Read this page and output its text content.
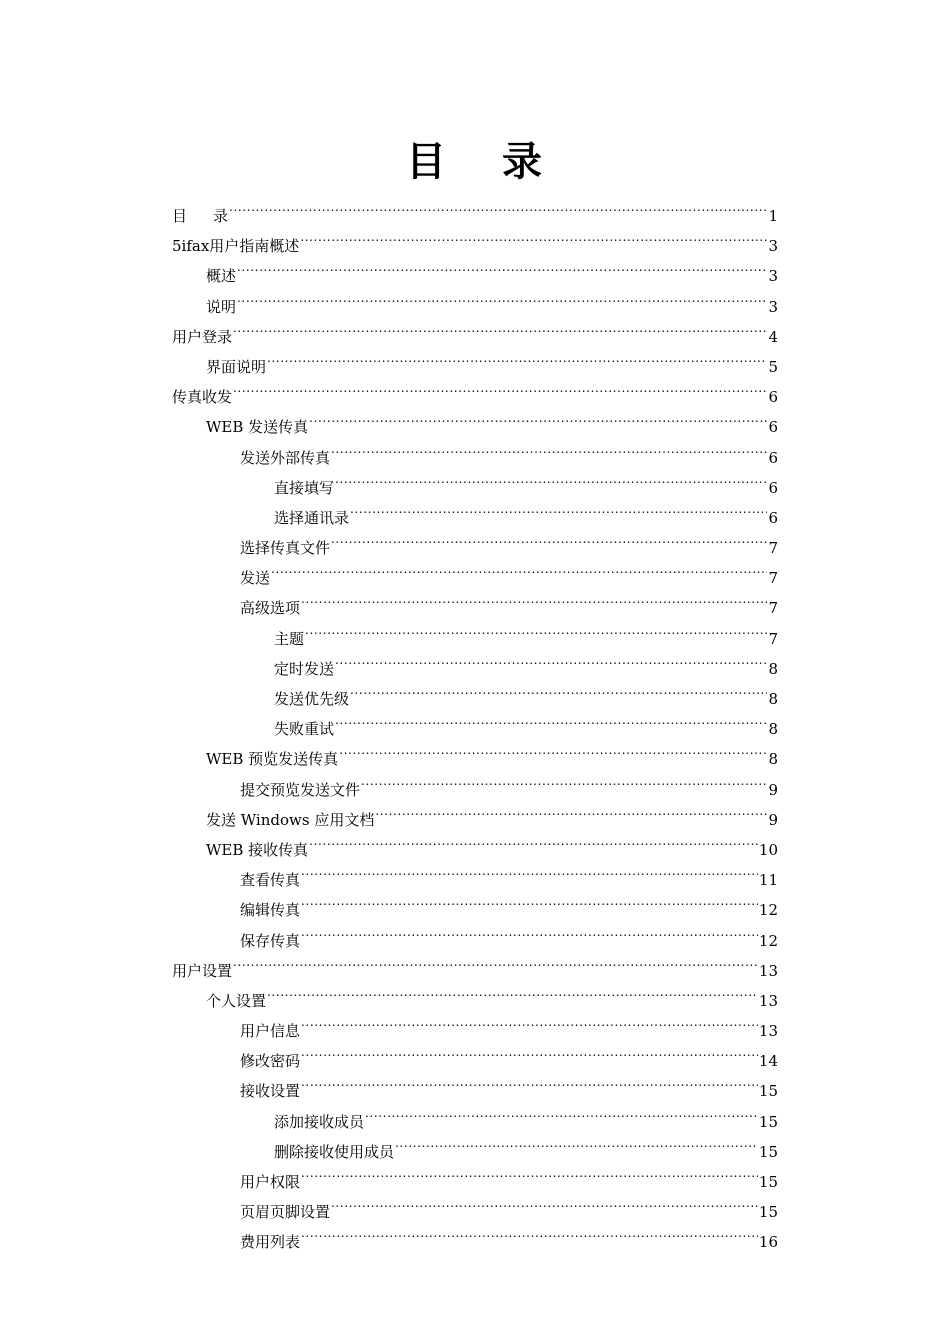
目 录
目 录 .....	1
5ifax用户指南概述 .....	3
概述 .....	3
说明 .....	3
用户登录 .....	4
界面说明 .....	5
传真收发 .....	6
WEB 发送传真 .....	6
发送外部传真 .....	6
直接填写 .....	6
选择通讯录 .....	6
选择传真文件 .....	7
发送 .....	7
高级选项 .....	7
主题 .....	7
定时发送 .....	8
发送优先级 .....	8
失败重试 .....	8
WEB 预览发送传真 .....	8
提交预览发送文件 .....	9
发送 Windows 应用文档 .....	9
WEB 接收传真 .....	10
查看传真 .....	11
编辑传真 .....	12
保存传真 .....	12
用户设置 .....	13
个人设置 .....	13
用户信息 .....	13
修改密码 .....	14
接收设置 .....	15
添加接收成员 .....	15
删除接收使用成员 .....	15
用户权限 .....	15
页眉页脚设置 .....	15
费用列表 .....	16
